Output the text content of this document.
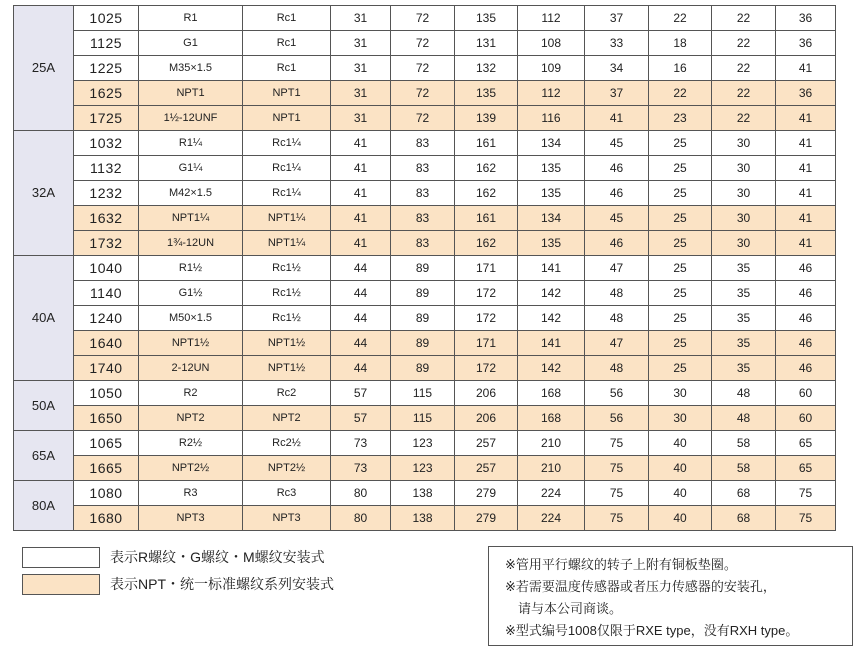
25A	1025	R1	Rc1	31	72	135	112	37	22	22	36
	1125	G1	Rc1	31	72	131	108	33	18	22	36
	1225	M35×1.5	Rc1	31	72	132	109	34	16	22	41
	1625	NPT1	NPT1	31	72	135	112	37	22	22	36
	1725	1½-12UNF	NPT1	31	72	139	116	41	23	22	41
32A	1032	R1¼	Rc1¼	41	83	161	134	45	25	30	41
	1132	G1¼	Rc1¼	41	83	162	135	46	25	30	41
	1232	M42×1.5	Rc1¼	41	83	162	135	46	25	30	41
	1632	NPT1¼	NPT1¼	41	83	161	134	45	25	30	41
	1732	1¾-12UN	NPT1¼	41	83	162	135	46	25	30	41
40A	1040	R1½	Rc1½	44	89	171	141	47	25	35	46
	1140	G1½	Rc1½	44	89	172	142	48	25	35	46
	1240	M50×1.5	Rc1½	44	89	172	142	48	25	35	46
	1640	NPT1½	NPT1½	44	89	171	141	47	25	35	46
	1740	2-12UN	NPT1½	44	89	172	142	48	25	35	46
50A	1050	R2	Rc2	57	115	206	168	56	30	48	60
	1650	NPT2	NPT2	57	115	206	168	56	30	48	60
65A	1065	R2½	Rc2½	73	123	257	210	75	40	58	65
	1665	NPT2½	NPT2½	73	123	257	210	75	40	58	65
80A	1080	R3	Rc3	80	138	279	224	75	40	68	75
	1680	NPT3	NPT3	80	138	279	224	75	40	68	75
表示R螺纹・G螺纹・M螺纹安装式
表示NPT・统一标准螺纹系列安装式
※管用平行螺纹的转子上附有铜板垫圈。
※若需要温度传感器或者压力传感器的安装孔，
　请与本公司商谈。
※型式编号1008仅限于RXE type，没有RXH type。
